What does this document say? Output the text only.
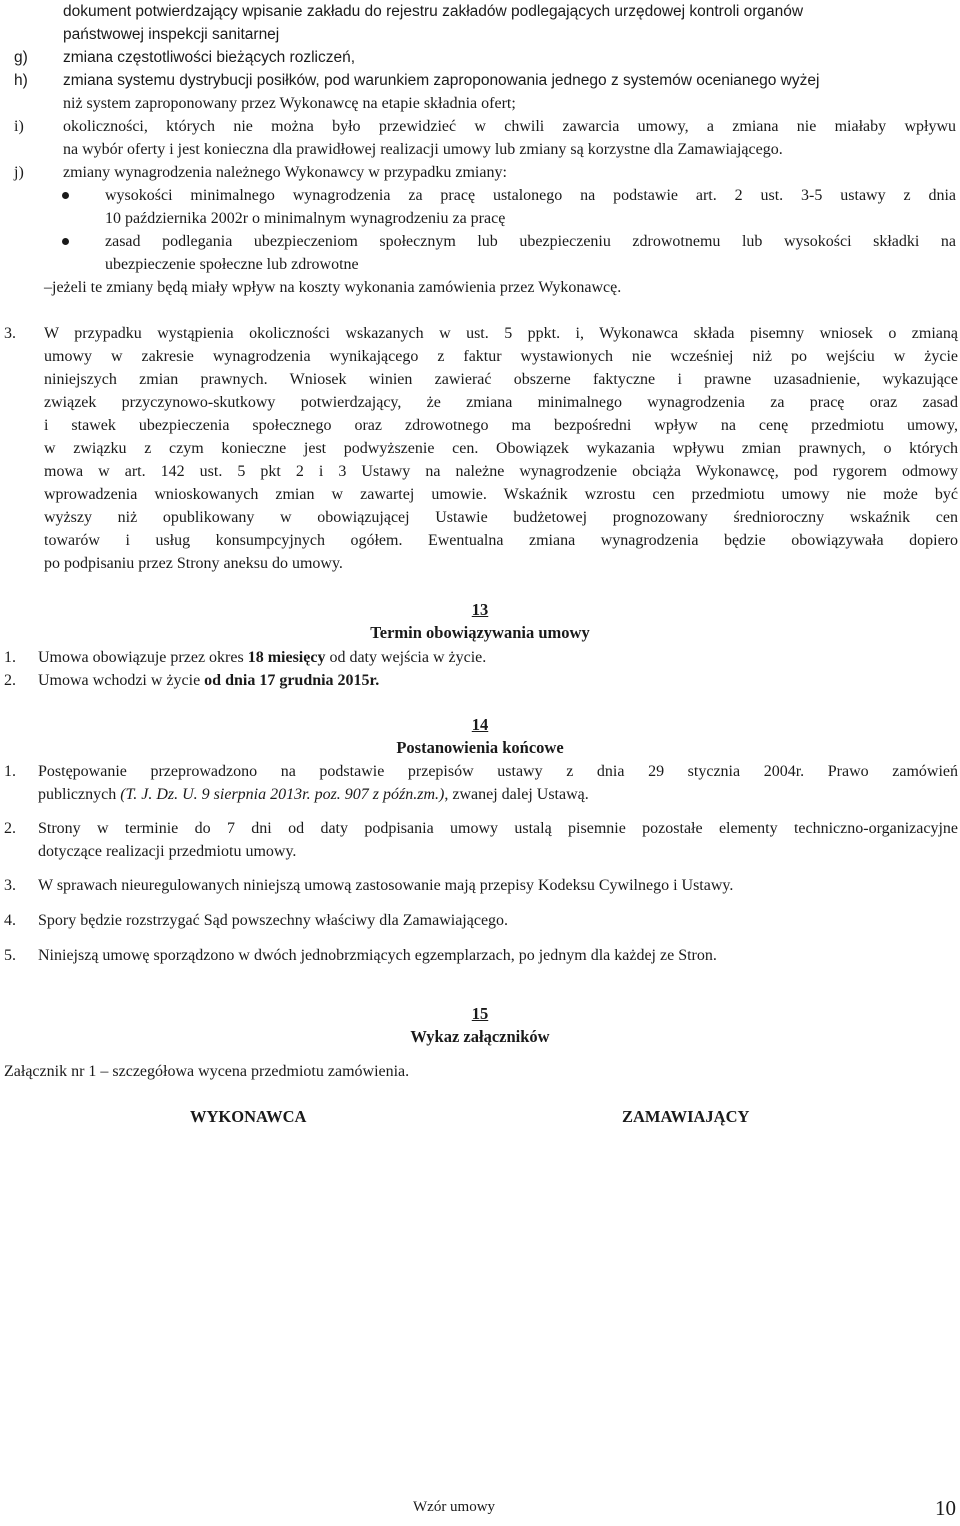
dokument potwierdzający wpisanie zakładu do rejestru zakładów podlegających urzędowej kontroli organów
państwowej inspekcji sanitarnej
g) zmiana częstotliwości bieżących rozliczeń,
h) zmiana systemu dystrybucji posiłków, pod warunkiem zaproponowania jednego z systemów ocenianego wyżej
niż system zaproponowany przez Wykonawcę na etapie składnia ofert;
i) okoliczności, których nie można było przewidzieć w chwili zawarcia umowy, a zmiana nie miałaby wpływu
na wybór oferty i jest konieczna dla prawidłowej realizacji umowy lub zmiany są korzystne dla Zamawiającego.
j) zmiany wynagrodzenia należnego Wykonawcy w przypadku zmiany:
wysokości minimalnego wynagrodzenia za pracę ustalonego na podstawie art. 2 ust. 3-5 ustawy z dnia
10 października 2002r o minimalnym wynagrodzeniu za pracę
zasad podlegania ubezpieczeniom społecznym lub ubezpieczeniu zdrowotnemu lub wysokości składki na
ubezpieczenie społeczne lub zdrowotne
–jeżeli te zmiany będą miały wpływ na koszty wykonania zamówienia przez Wykonawcę.
3. W przypadku wystąpienia okoliczności wskazanych w ust. 5 ppkt. i, Wykonawca składa pisemny wniosek o zmianą
umowy w zakresie wynagrodzenia wynikającego z faktur wystawionych nie wcześniej niż po wejściu w życie
niniejszych zmian prawnych. Wniosek winien zawierać obszerne faktyczne i prawne uzasadnienie, wykazujące
związek przyczynowo-skutkowy potwierdzający, że zmiana minimalnego wynagrodzenia za pracę oraz zasad
i stawek ubezpieczenia społecznego oraz zdrowotnego ma bezpośredni wpływ na cenę przedmiotu umowy,
w związku z czym konieczne jest podwyższenie cen. Obowiązek wykazania wpływu zmian prawnych, o których
mowa w art. 142 ust. 5 pkt 2 i 3 Ustawy na należne wynagrodzenie obciąża Wykonawcę, pod rygorem odmowy
wprowadzenia wnioskowanych zmian w zawartej umowie. Wskaźnik wzrostu cen przedmiotu umowy nie może być
wyższy niż opublikowany w obowiązującej Ustawie budżetowej prognozowany średnioroczny wskaźnik cen
towarów i usług konsumpcyjnych ogółem. Ewentualna zmiana wynagrodzenia będzie obowiązywała dopiero
po podpisaniu przez Strony aneksu do umowy.
13
Termin obowiązywania umowy
1. Umowa obowiązuje przez okres 18 miesięcy od daty wejścia w życie.
2. Umowa wchodzi w życie od dnia 17 grudnia 2015r.
14
Postanowienia końcowe
1. Postępowanie przeprowadzono na podstawie przepisów ustawy z dnia 29 stycznia 2004r. Prawo zamówień
publicznych (T. J. Dz. U. 9 sierpnia 2013r. poz. 907 z późn.zm.), zwanej dalej Ustawą.
2. Strony w terminie do 7 dni od daty podpisania umowy ustalą pisemnie pozostałe elementy techniczno-organizacyjne
dotyczące realizacji przedmiotu umowy.
3. W sprawach nieuregulowanych niniejszą umową zastosowanie mają przepisy Kodeksu Cywilnego i Ustawy.
4. Spory będzie rozstrzygać Sąd powszechny właściwy dla Zamawiającego.
5. Niniejszą umowę sporządzono w dwóch jednobrzmiących egzemplarzach, po jednym dla każdej ze Stron.
15
Wykaz załączników
Załącznik nr 1 – szczegółowa wycena przedmiotu zamówienia.
WYKONAWCA	ZAMAWIAJĄCY
Wzór umowy	10
